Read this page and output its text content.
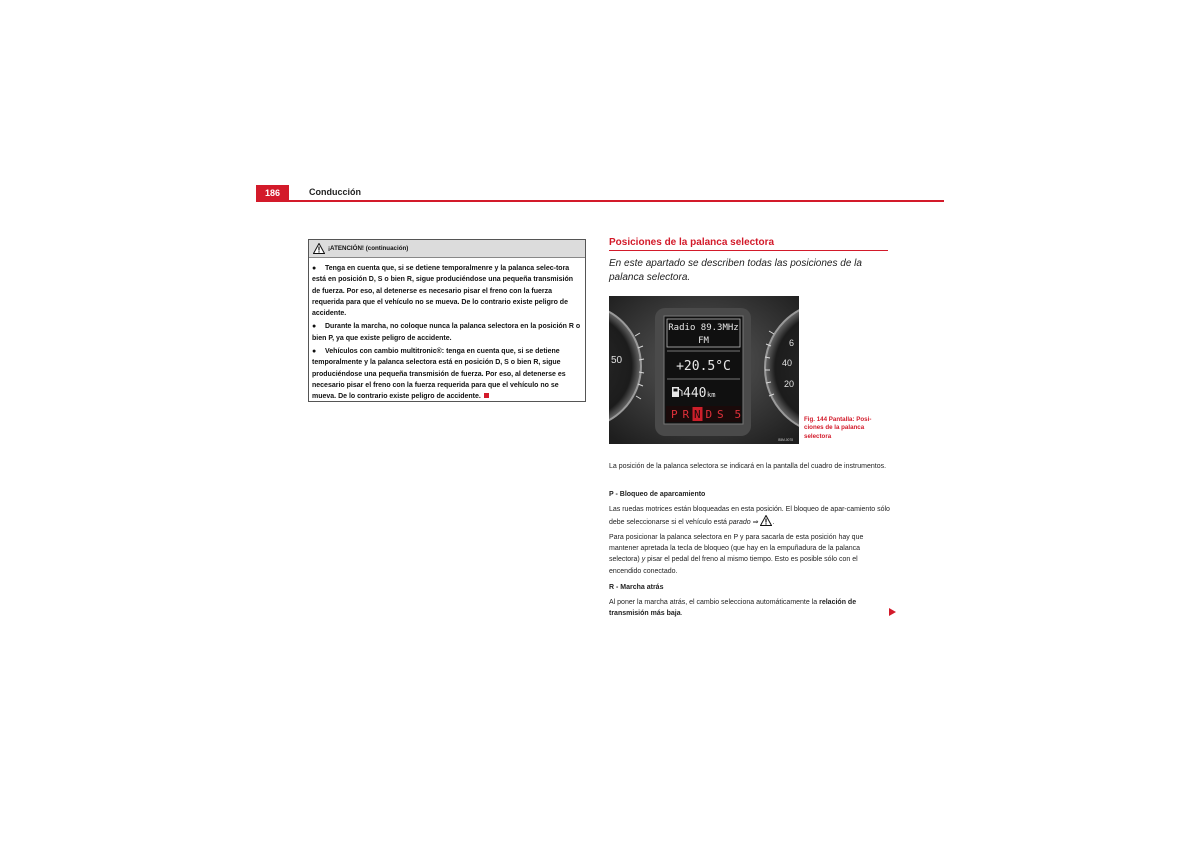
186	Conducción
¡ATENCIÓN! (continuación)
● Tenga en cuenta que, si se detiene temporalmenre y la palanca selec-tora está en posición D, S o bien R, sigue produciéndose una pequeña transmisión de fuerza. Por eso, al detenerse es necesario pisar el freno con la fuerza requerida para que el vehículo no se mueva. De lo contrario existe peligro de accidente.
● Durante la marcha, no coloque nunca la palanca selectora en la posición R o bien P, ya que existe peligro de accidente.
● Vehículos con cambio multitronic®: tenga en cuenta que, si se detiene temporalmente y la palanca selectora está en posición D, S o bien R, sigue produciéndose una pequeña transmisión de fuerza. Por eso, al detenerse es necesario pisar el freno con la fuerza requerida para que el vehículo no se mueva. De lo contrario existe peligro de accidente.
Posiciones de la palanca selectora
En este apartado se describen todas las posiciones de la palanca selectora.
50
6
40
20
Radio 89.3MHz
FM
+20.5°C
440 km
P R N D S 5
B5M-0078
Fig. 144 Pantalla: Posi-ciones de la palanca selectora
La posición de la palanca selectora se indicará en la pantalla del cuadro de instrumentos.
P - Bloqueo de aparcamiento
Las ruedas motrices están bloqueadas en esta posición. El bloqueo de apar-camiento sólo debe seleccionarse si el vehículo está parado ⇒ .
Para posicionar la palanca selectora en P y para sacarla de esta posición hay que mantener apretada la tecla de bloqueo (que hay en la empuñadura de la palanca selectora) y pisar el pedal del freno al mismo tiempo. Esto es posible sólo con el encendido conectado.
R - Marcha atrás
Al poner la marcha atrás, el cambio selecciona automáticamente la relación de transmisión más baja.
